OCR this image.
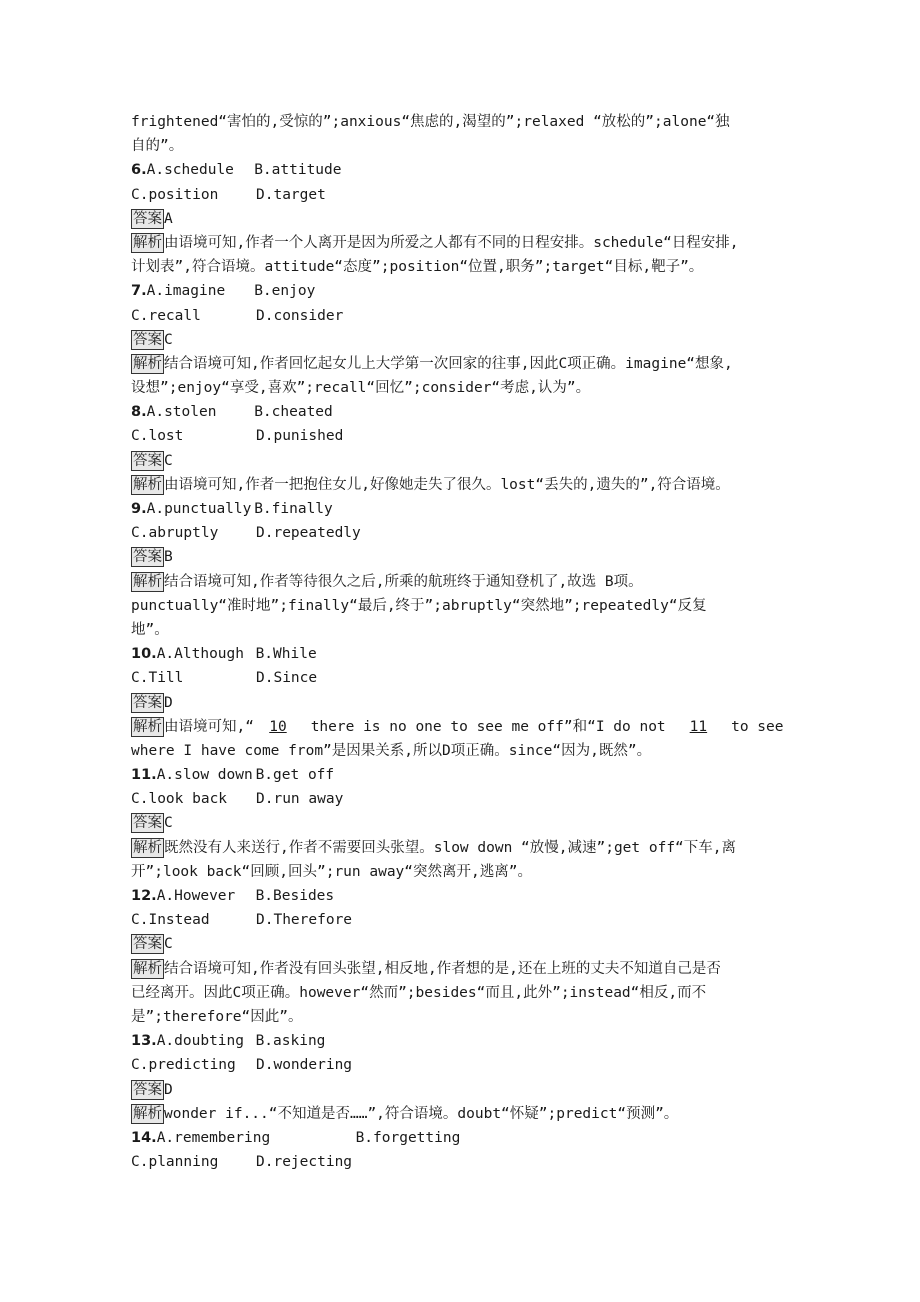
frightened“害怕的,受惊的”;anxious“焦虑的,渴望的”;relaxed “放松的”;alone“独
自的”。
6.A.schedule B.attitude
C.position	D.target
答案 A
解析 由语境可知,作者一个人离开是因为所爱之人都有不同的日程安排。schedule“日程安排,
计划表”,符合语境。attitude“态度”;position“位置,职务”;target“目标,靶子”。
7.A.imagine B.enjoy
C.recall	D.consider
答案 C
解析 结合语境可知,作者回忆起女儿上大学第一次回家的往事,因此C项正确。imagine“想象,
设想”;enjoy“享受,喜欢”;recall“回忆”;consider“考虑,认为”。
8.A.stolen	B.cheated
C.lost	D.punished
答案 C
解析 由语境可知,作者一把抱住女儿,好像她走失了很久。lost“丢失的,遗失的”,符合语境。
9.A.punctually B.finally
C.abruptly	D.repeatedly
答案 B
解析 结合语境可知,作者等待很久之后,所乘的航班终于通知登机了,故选 B项。
punctually“准时地”;finally“最后,终于”;abruptly“突然地”;repeatedly“反复
地”。
10.A.Although B.While
C.Till	D.Since
答案 D
解析 由语境可知,“ 10 there is no one to see me off”和“I do not 11 to see
where I have come from”是因果关系,所以D项正确。since“因为,既然”。
11.A.slow down B.get off
C.look back D.run away
答案 C
解析 既然没有人来送行,作者不需要回头张望。slow down “放慢,减速”;get off“下车,离
开”;look back“回顾,回头”;run away“突然离开,逃离”。
12.A.However B.Besides
C.Instead	D.Therefore
答案 C
解析 结合语境可知,作者没有回头张望,相反地,作者想的是,还在上班的丈夫不知道自己是否
已经离开。因此C项正确。however“然而”;besides“而且,此外”;instead“相反,而不
是”;therefore“因此”。
13.A.doubting B.asking
C.predicting D.wondering
答案 D
解析 wonder if...“不知道是否……”,符合语境。doubt“怀疑”;predict“预测”。
14.A.remembering	B.forgetting
C.planning	D.rejecting
